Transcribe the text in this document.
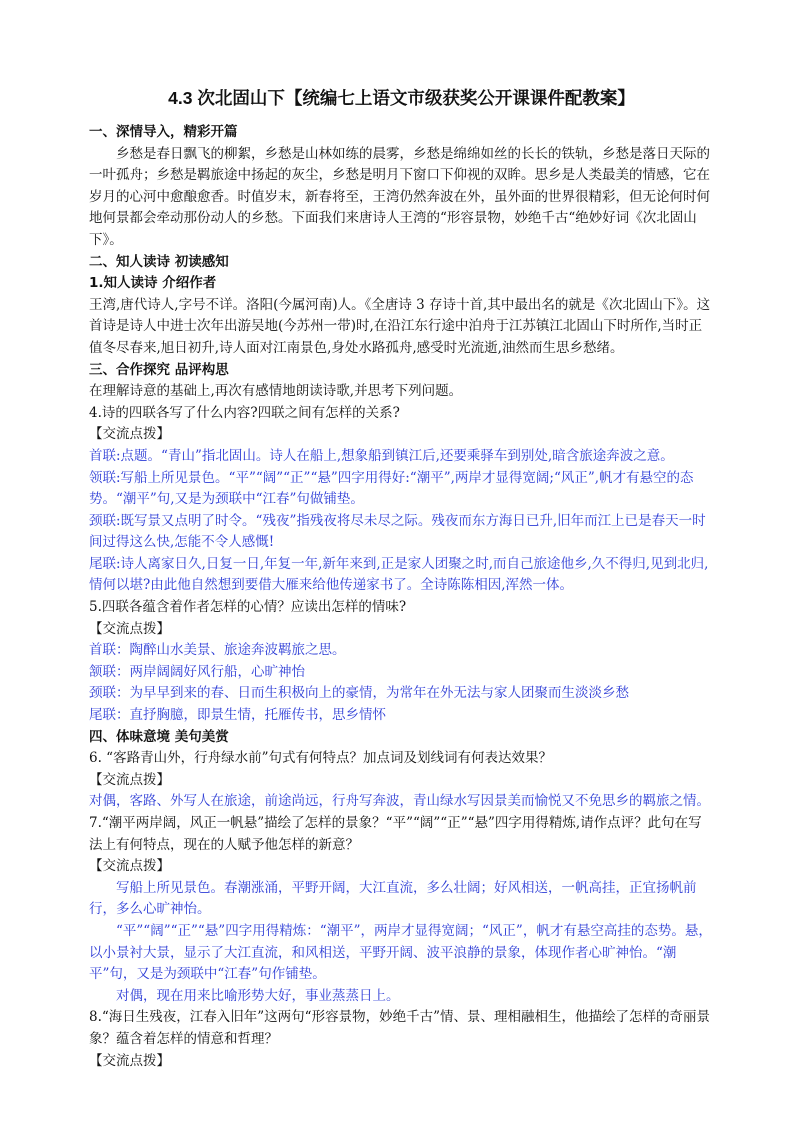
4.3 次北固山下【统编七上语文市级获奖公开课课件配教案】
一、深情导入，精彩开篇

乡愁是春日飘飞的柳絮，乡愁是山林如练的晨雾，乡愁是绵绵如丝的长长的铁轨，乡愁是落日天际的一叶孤舟；乡愁是羁旅途中扬起的灰尘，乡愁是明月下窗口下仰视的双眸。思乡是人类最美的情感，它在岁月的心河中愈酿愈香。时值岁末，新春将至，王湾仍然奔波在外，虽外面的世界很精彩，但无论何时何地何景都会牵动那份动人的乡愁。下面我们来唐诗人王湾的“形容景物，妙绝千古“绝妙好词《次北固山下》。

二、知人读诗 初读感知
1.知人读诗 介绍作者

王湾,唐代诗人,字号不详。洛阳(今属河南)人。《全唐诗 3 存诗十首,其中最出名的就是《次北固山下》。这首诗是诗人中进士次年出游吴地(今苏州一带)时,在沿江东行途中泊舟于江苏镇江北固山下时所作,当时正值冬尽春来,旭日初升,诗人面对江南景色,身处水路孤舟,感受时光流逝,油然而生思乡愁绪。

三、合作探究 品评构思

在理解诗意的基础上,再次有感情地朗读诗歌,并思考下列问题。

4.诗的四联各写了什么内容?四联之间有怎样的关系?

【交流点拨】

首联:点题。“青山”指北固山。诗人在船上,想象船到镇江后,还要乘驿车到别处,暗含旅途奔波之意。

领联:写船上所见景色。“平”“阔”“正”“悬”四字用得好:“潮平”,两岸才显得宽阔;“风正”,帆才有悬空的态势。“潮平”句,又是为颈联中“江春”句做铺垫。

颈联:既写景又点明了时令。“残夜”指残夜将尽未尽之际。残夜而东方海日已升,旧年而江上已是春天一时间过得这么快,怎能不令人感慨!

尾联:诗人离家日久,日复一日,年复一年,新年来到,正是家人团聚之时,而自己旅途他乡,久不得归,见到北归,情何以堪?由此他自然想到要借大雁来给他传递家书了。全诗陈陈相因,浑然一体。

5.四联各蕴含着作者怎样的心情？应读出怎样的情味?

【交流点拨】

首联：陶醉山水美景、旅途奔波羁旅之思。

颔联：两岸阔阔好风行船，心旷神怡

颈联：为早早到来的春、日而生积极向上的豪情，为常年在外无法与家人团聚而生淡淡乡愁

尾联：直抒胸臆，即景生情，托雁传书，思乡情怀

四、体味意境 美句美赏

6. “客路青山外，行舟绿水前”句式有何特点？加点词及划线词有何表达效果？

【交流点拨】

对偶，客路、外写人在旅途，前途尚远，行舟写奔波，青山绿水写因景美而愉悦又不免思乡的羁旅之情。

7.“潮平两岸阔，风正一帆悬”描绘了怎样的景象？“平”“阔”“正”“悬”四字用得精炼,请作点评？此句在写法上有何特点，现在的人赋予他怎样的新意？

【交流点拨】

写船上所见景色。春潮涨涌，平野开阔，大江直流，多么壮阔；好风相送，一帆高挂，正宜扬帆前行，多么心旷神怡。

“平”“阔”“正”“悬”四字用得精炼：“潮平”，两岸才显得宽阔；“风正”，帆才有悬空高挂的态势。悬，以小景衬大景，显示了大江直流，和风相送，平野开阔、波平浪静的景象，体现作者心旷神怡。“潮平”句，又是为颈联中“江春”句作铺垫。

对偶，现在用来比喻形势大好，事业蒸蒸日上。

8.“海日生残夜，江春入旧年”这两句“形容景物，妙绝千古”情、景、理相融相生，他描绘了怎样的奇丽景象？蕴含着怎样的情意和哲理？

【交流点拨】
